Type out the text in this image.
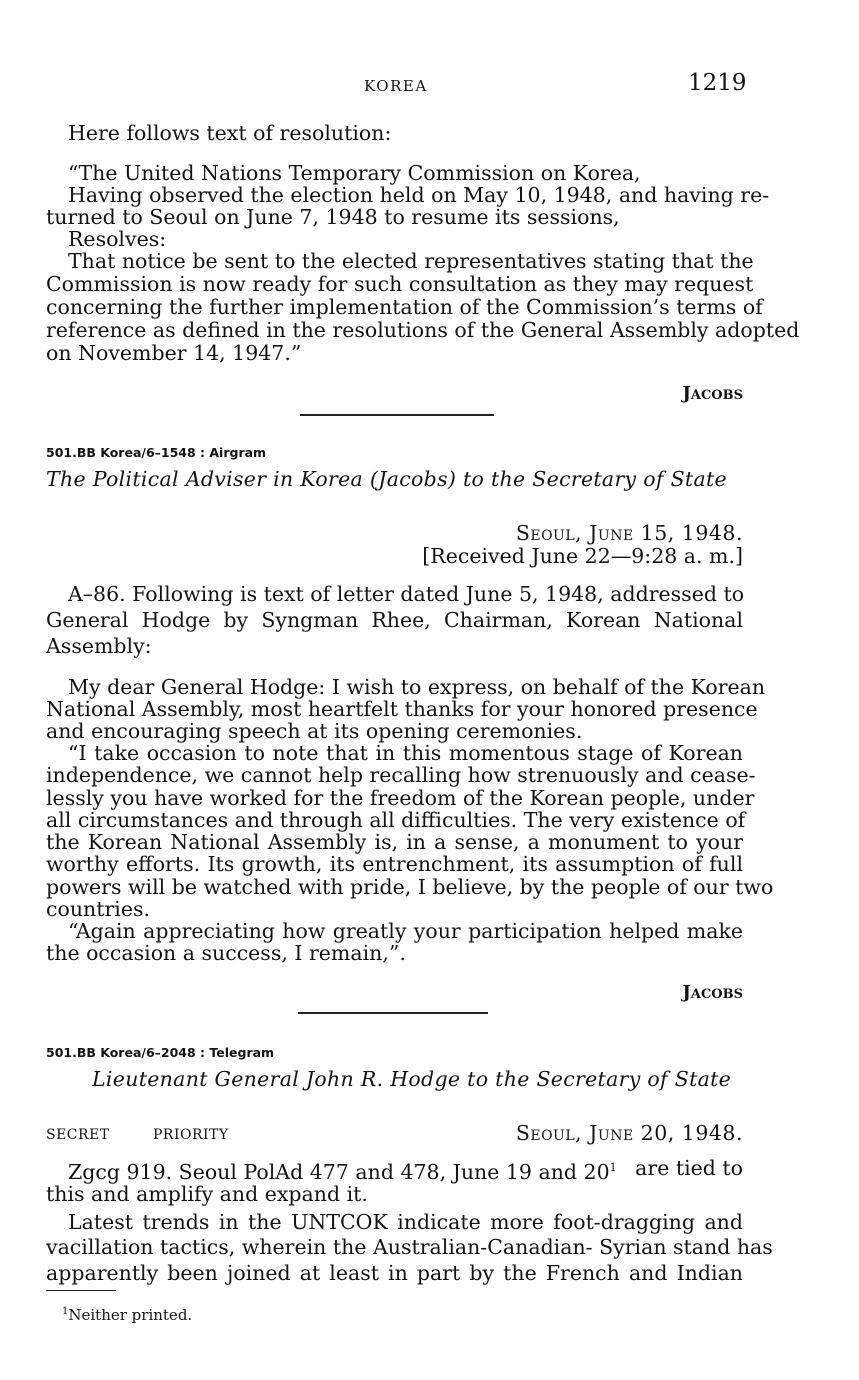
KOREA	1219
Here follows text of resolution:
“The United Nations Temporary Commission on Korea,
Having observed the election held on May 10, 1948, and having re-
turned to Seoul on June 7, 1948 to resume its sessions,
Resolves:
That notice be sent to the elected representatives stating that the
Commission is now ready for such consultation as they may request
concerning the further implementation of the Commission’s terms of
reference as defined in the resolutions of the General Assembly adopted
on November 14, 1947.”
Jacobs
501.BB Korea/6–1548 : Airgram
The Political Adviser in Korea (Jacobs) to the Secretary of State
Seoul, June 15, 1948.
[Received June 22—9:28 a. m.]
A–86. Following is text of letter dated June 5, 1948, addressed to
General Hodge by Syngman Rhee, Chairman, Korean National
Assembly:
My dear General Hodge: I wish to express, on behalf of the Korean
National Assembly, most heartfelt thanks for your honored presence
and encouraging speech at its opening ceremonies.
“I take occasion to note that in this momentous stage of Korean
independence, we cannot help recalling how strenuously and cease-
lessly you have worked for the freedom of the Korean people, under
all circumstances and through all difficulties. The very existence of
the Korean National Assembly is, in a sense, a monument to your
worthy efforts. Its growth, its entrenchment, its assumption of full
powers will be watched with pride, I believe, by the people of our two
countries.
“Again appreciating how greatly your participation helped make
the occasion a success, I remain,”.
Jacobs
501.BB Korea/6–2048 : Telegram
Lieutenant General John R. Hodge to the Secretary of State
SECRET	PRIORITY	Seoul, June 20, 1948.
Zgcg 919. Seoul PolAd 477 and 478, June 19 and $20^1$ are tied to
this and amplify and expand it.
Latest trends in the UNTCOK indicate more foot-dragging and
vacillation tactics, wherein the Australian-Canadian- Syrian stand has
apparently been joined at least in part by the French and Indian
$^1$Neither printed.
